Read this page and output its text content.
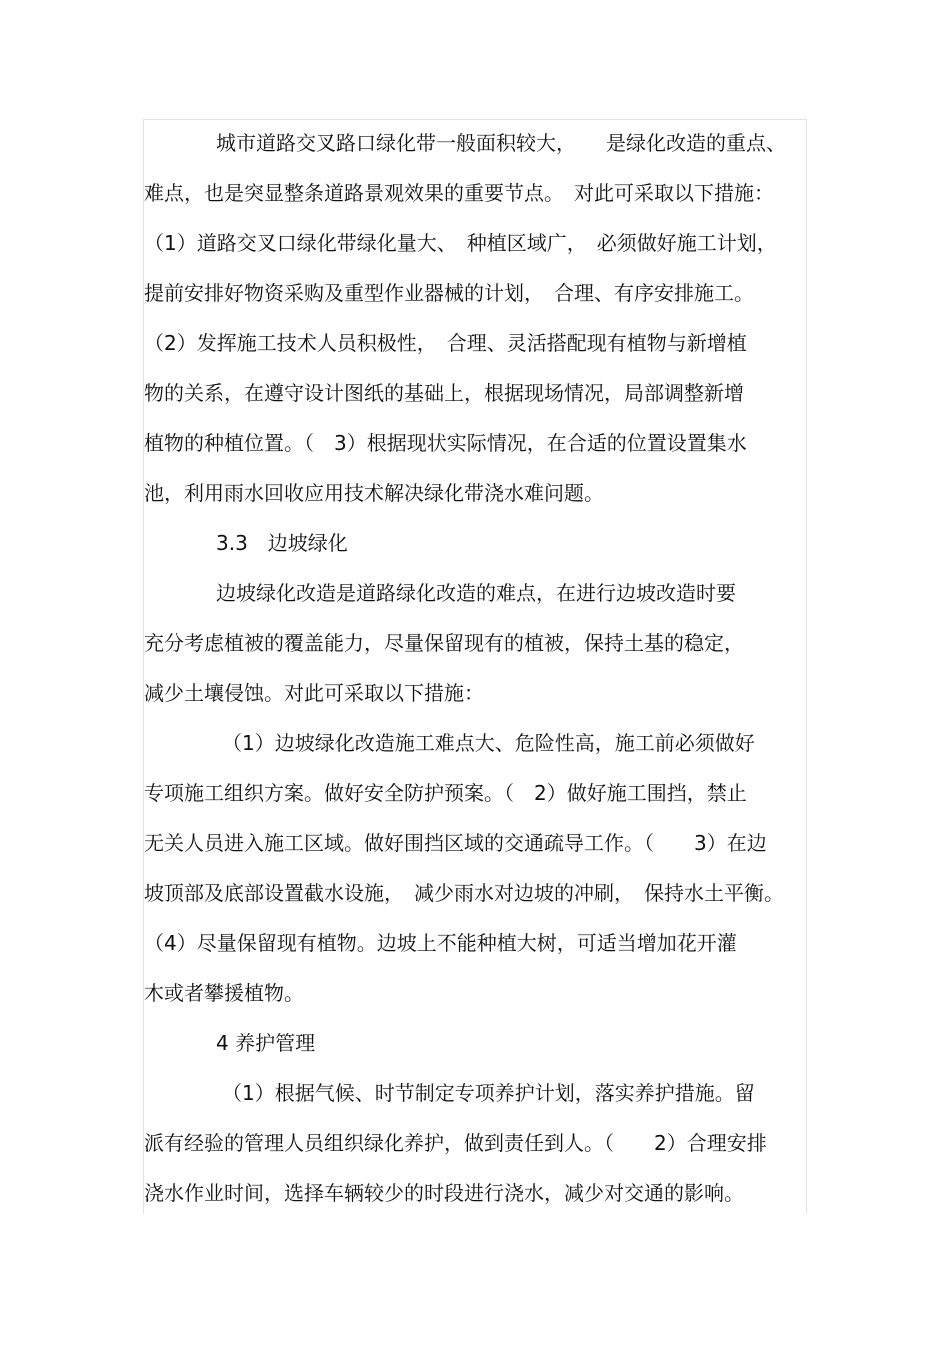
城市道路交叉路口绿化带一般面积较大，　　是绿化改造的重点、
难点，也是突显整条道路景观效果的重要节点。　对此可采取以下措施：
（1）道路交叉口绿化带绿化量大、　种植区域广，　必须做好施工计划，
提前安排好物资采购及重型作业器械的计划，　合理、有序安排施工。
（2）发挥施工技术人员积极性，　合理、灵活搭配现有植物与新增植
物的关系，在遵守设计图纸的基础上，根据现场情况，局部调整新增
植物的种植位置。（　3）根据现状实际情况，在合适的位置设置集水
池，利用雨水回收应用技术解决绿化带浇水难问题。
3.3　边坡绿化
边坡绿化改造是道路绿化改造的难点，在进行边坡改造时要
充分考虑植被的覆盖能力，尽量保留现有的植被，保持土基的稳定，
减少土壤侵蚀。对此可采取以下措施：
（1）边坡绿化改造施工难点大、危险性高，施工前必须做好
专项施工组织方案。做好安全防护预案。（　2）做好施工围挡，禁止
无关人员进入施工区域。做好围挡区域的交通疏导工作。（　　3）在边
坡顶部及底部设置截水设施，　减少雨水对边坡的冲刷，　保持水土平衡。
（4）尽量保留现有植物。边坡上不能种植大树，可适当增加花开灌
木或者攀援植物。
4 养护管理
（1）根据气候、时节制定专项养护计划，落实养护措施。留
派有经验的管理人员组织绿化养护，做到责任到人。（　　2）合理安排
浇水作业时间，选择车辆较少的时段进行浇水，减少对交通的影响。
